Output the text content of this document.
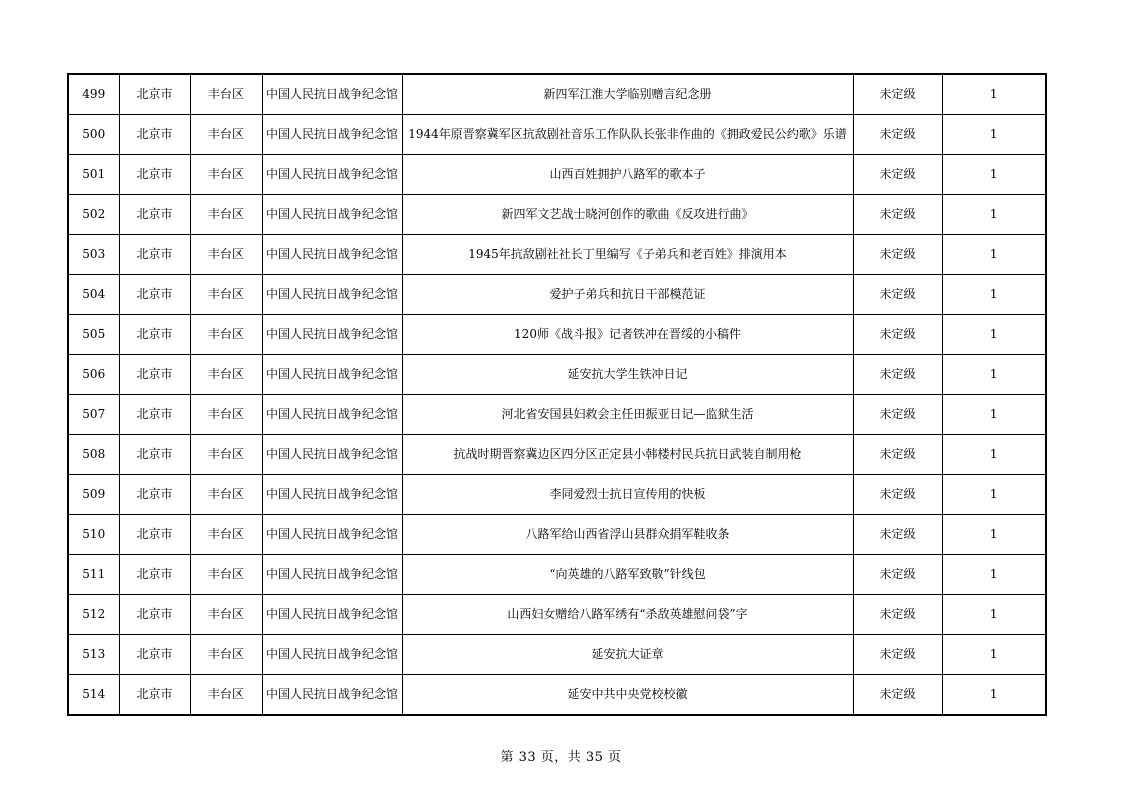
499	北京市	丰台区	中国人民抗日战争纪念馆	新四军江淮大学临别赠言纪念册	未定级	1
500	北京市	丰台区	中国人民抗日战争纪念馆	1944年原晋察冀军区抗敌剧社音乐工作队队长张非作曲的《拥政爱民公约歌》乐谱	未定级	1
501	北京市	丰台区	中国人民抗日战争纪念馆	山西百姓拥护八路军的歌本子	未定级	1
502	北京市	丰台区	中国人民抗日战争纪念馆	新四军文艺战士晓河创作的歌曲《反攻进行曲》	未定级	1
503	北京市	丰台区	中国人民抗日战争纪念馆	1945年抗敌剧社社长丁里编写《子弟兵和老百姓》排演用本	未定级	1
504	北京市	丰台区	中国人民抗日战争纪念馆	爱护子弟兵和抗日干部模范证	未定级	1
505	北京市	丰台区	中国人民抗日战争纪念馆	120师《战斗报》记者铁冲在晋绥的小稿件	未定级	1
506	北京市	丰台区	中国人民抗日战争纪念馆	延安抗大学生铁冲日记	未定级	1
507	北京市	丰台区	中国人民抗日战争纪念馆	河北省安国县妇救会主任田振亚日记—监狱生活	未定级	1
508	北京市	丰台区	中国人民抗日战争纪念馆	抗战时期晋察冀边区四分区正定县小韩楼村民兵抗日武装自制用枪	未定级	1
509	北京市	丰台区	中国人民抗日战争纪念馆	李同爱烈士抗日宣传用的快板	未定级	1
510	北京市	丰台区	中国人民抗日战争纪念馆	八路军给山西省浮山县群众捐军鞋收条	未定级	1
511	北京市	丰台区	中国人民抗日战争纪念馆	“向英雄的八路军致敬”针线包	未定级	1
512	北京市	丰台区	中国人民抗日战争纪念馆	山西妇女赠给八路军绣有“杀敌英雄慰问袋”字	未定级	1
513	北京市	丰台区	中国人民抗日战争纪念馆	延安抗大证章	未定级	1
514	北京市	丰台区	中国人民抗日战争纪念馆	延安中共中央党校校徽	未定级	1
第 33 页，共 35 页
